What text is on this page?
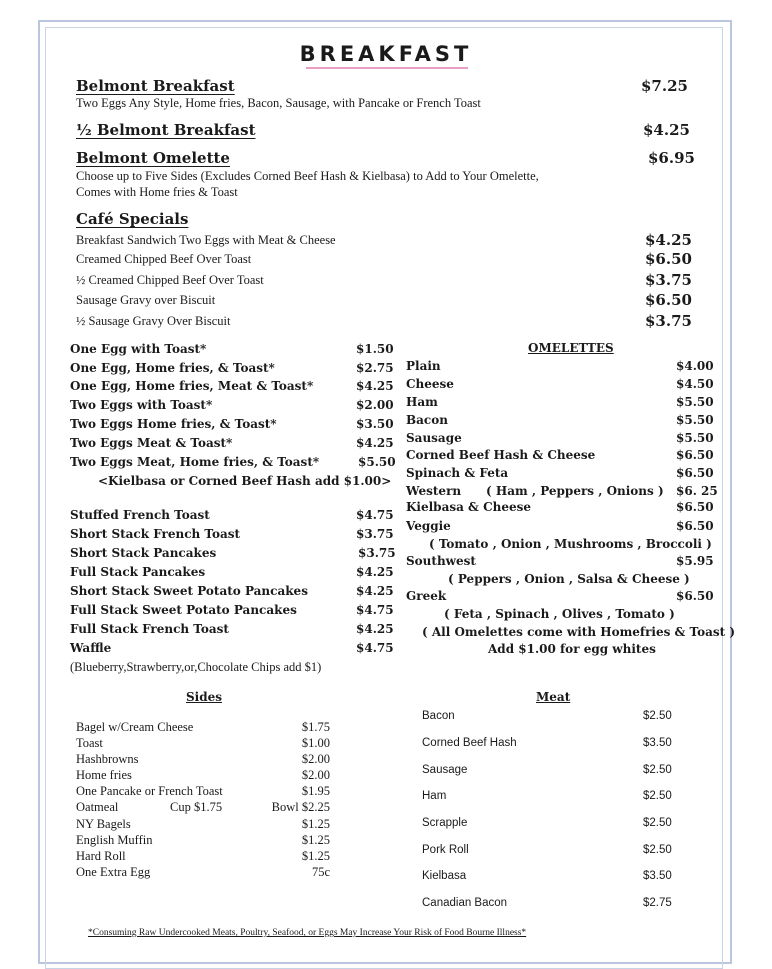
BREAKFAST
Belmont Breakfast	$7.25
Two Eggs Any Style, Home fries, Bacon, Sausage, with Pancake or French Toast
½ Belmont Breakfast	$4.25
Belmont Omelette	$6.95
Choose up to Five Sides (Excludes Corned Beef Hash & Kielbasa) to Add to Your Omelette,
Comes with Home fries & Toast
Café Specials
Breakfast Sandwich Two Eggs with Meat & Cheese	$4.25
Creamed Chipped Beef Over Toast	$6.50
½ Creamed Chipped Beef Over Toast	$3.75
Sausage Gravy over Biscuit	$6.50
½ Sausage Gravy Over Biscuit	$3.75
One Egg with Toast*	$1.50
One Egg, Home fries, & Toast*	$2.75
One Egg, Home fries, Meat & Toast*	$4.25
Two Eggs with Toast*	$2.00
Two Eggs Home fries, & Toast*	$3.50
Two Eggs Meat & Toast*	$4.25
Two Eggs Meat, Home fries, & Toast*	$5.50
<Kielbasa or Corned Beef Hash add $1.00>
Stuffed French Toast	$4.75
Short Stack French Toast	$3.75
Short Stack Pancakes	$3.75
Full Stack Pancakes	$4.25
Short Stack Sweet Potato Pancakes	$4.25
Full Stack Sweet Potato Pancakes	$4.75
Full Stack French Toast	$4.25
Waffle	$4.75
(Blueberry,Strawberry,or,Chocolate Chips add $1)
OMELETTES
Plain	$4.00
Cheese	$4.50
Ham	$5.50
Bacon	$5.50
Sausage	$5.50
Corned Beef Hash & Cheese	$6.50
Spinach & Feta	$6.50
Western ( Ham , Peppers , Onions ) $6. 25
Kielbasa & Cheese	$6.50
Veggie	$6.50
( Tomato , Onion , Mushrooms , Broccoli )
Southwest	$5.95
( Peppers , Onion , Salsa & Cheese )
Greek	$6.50
( Feta , Spinach , Olives , Tomato )
( All Omelettes come with Homefries & Toast )
Add $1.00 for egg whites
Sides
Bagel w/Cream Cheese	$1.75
Toast	$1.00
Hashbrowns	$2.00
Home fries	$2.00
One Pancake or French Toast	$1.95
Oatmeal	Cup $1.75	Bowl $2.25
NY Bagels	$1.25
English Muffin	$1.25
Hard Roll	$1.25
One Extra Egg	75c
Meat
Bacon	$2.50
Corned Beef Hash	$3.50
Sausage	$2.50
Ham	$2.50
Scrapple	$2.50
Pork Roll	$2.50
Kielbasa	$3.50
Canadian Bacon	$2.75
*Consuming Raw Undercooked Meats, Poultry, Seafood, or Eggs May Increase Your Risk of Food Bourne Illness*
